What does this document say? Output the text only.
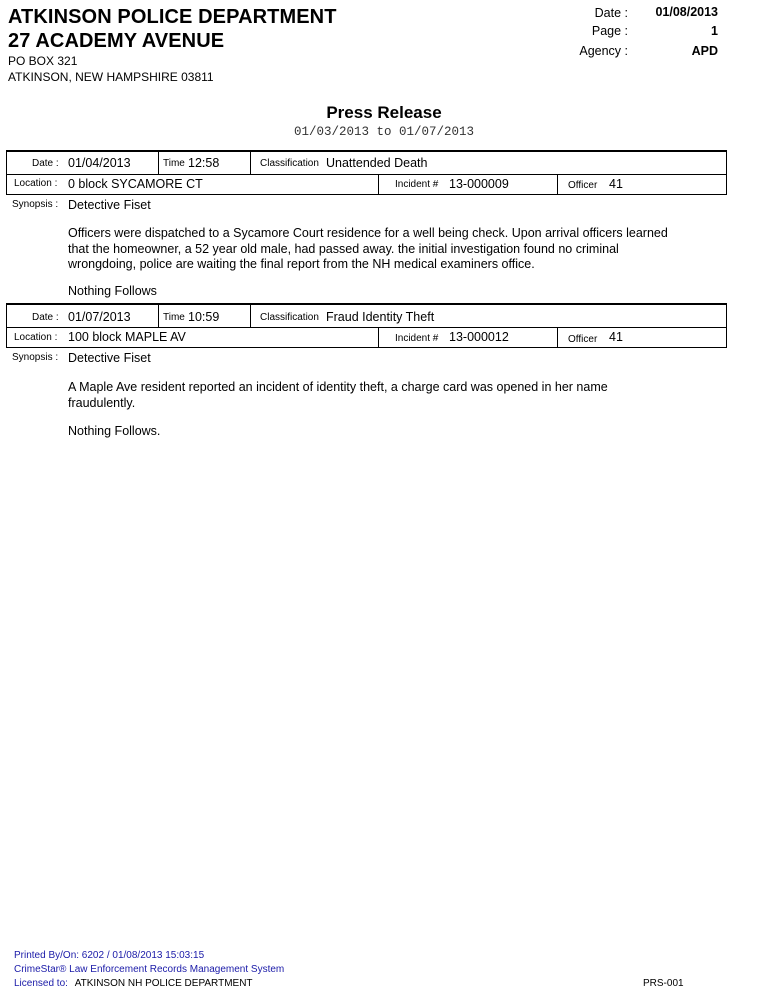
ATKINSON POLICE DEPARTMENT
27 ACADEMY AVENUE
PO BOX 321
ATKINSON, NEW HAMPSHIRE 03811
Date :	01/08/2013
Page :	1
Agency :	APD
Press Release
01/03/2013 to 01/07/2013
Date : 01/04/2013	Time 12:58	Classification Unattended Death
Location : 0 block SYCAMORE CT	Incident # 13-000009	Officer 41
Synopsis : Detective Fiset
Officers were dispatched to a Sycamore Court residence for a well being check. Upon arrival officers learned that the homeowner, a 52 year old male, had passed away. the initial investigation found no criminal wrongdoing, police are waiting the final report from the NH medical examiners office.
Nothing Follows
Date : 01/07/2013	Time 10:59	Classification Fraud Identity Theft
Location : 100 block MAPLE AV	Incident # 13-000012	Officer 41
Synopsis : Detective Fiset
A Maple Ave resident reported an incident of identity theft, a charge card was opened in her name fraudulently.
Nothing Follows.
Printed By/On: 6202 / 01/08/2013 15:03:15
CrimeStar® Law Enforcement Records Management System
Licensed to: ATKINSON NH POLICE DEPARTMENT	PRS-001
